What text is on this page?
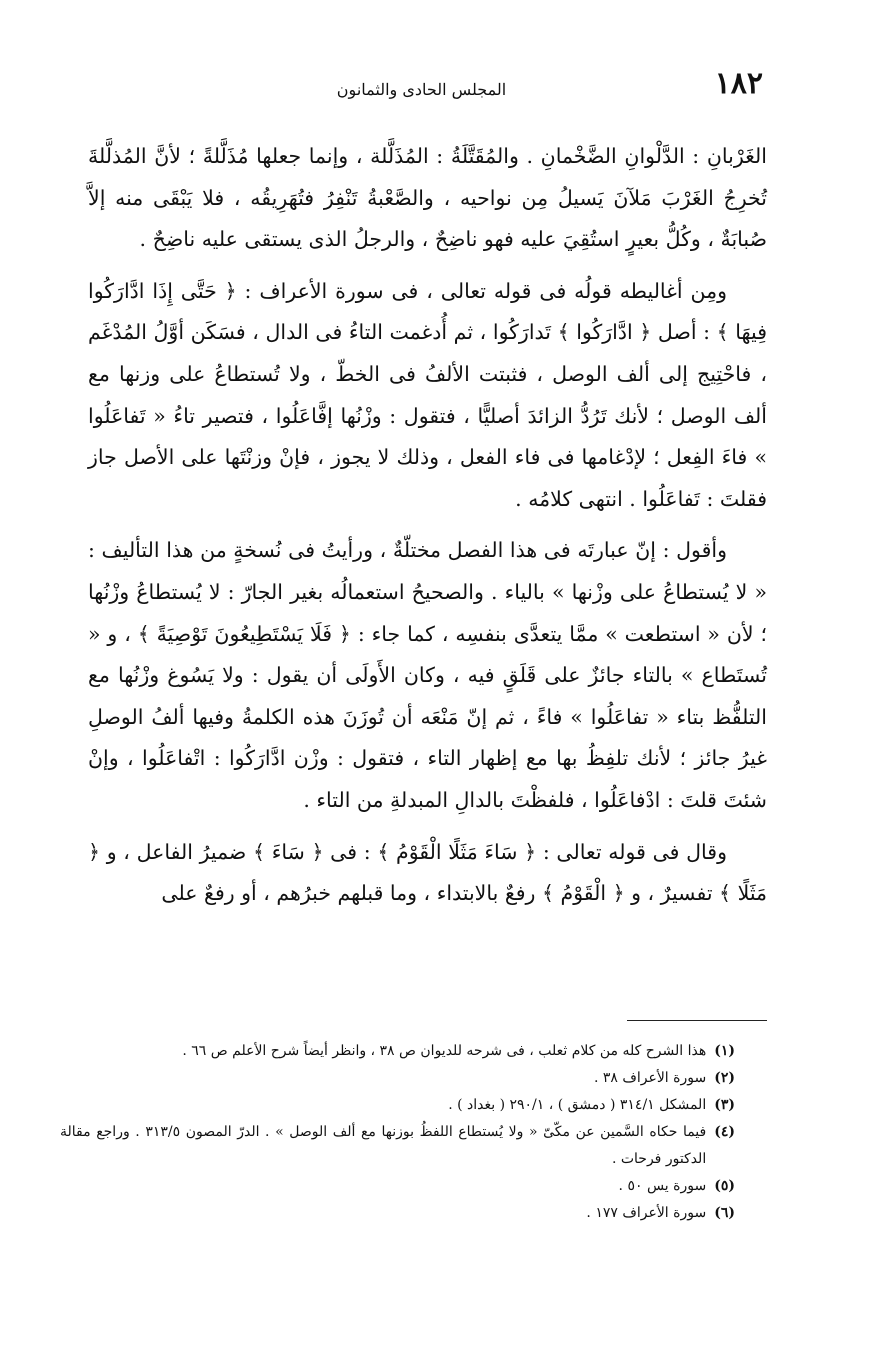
١٨٢
المجلس الحادى والثمانون

الغَرْبانِ : الدَّلْوانِ الضَّخْمانِ . والمُقَتَّلَةُ : المُذَلَّلة ، وإنما جعلها مُذَلَّلةً ؛ لأنَّ المُذلَّلةَ تُخرِجُ الغَرْبَ مَلآنَ يَسيلُ مِن نواحيه ، والصَّعْبةُ تَنْفِرُ فتُهَرِيقُه ، فلا يَبْقَى منه إلاَّ صُبابَةٌ ، وكُلُّ بعيرٍ استُقِيَ عليه فهو ناضِحٌ ، والرجلُ الذى يستقى عليه ناضِحٌ .

ومِن أغاليطه قولُه فى قوله تعالى ، فى سورة الأعراف : ﴿ حَتَّى إِذَا ادَّارَكُوا فِيهَا ﴾ : أصل ﴿ ادَّارَكُوا ﴾ تَدارَكُوا ، ثم أُدغمت التاءُ فى الدال ، فسَكَن أوَّلُ المُدْغَم ، فاحْتِيج إلى ألف الوصل ، فثبتت الألفُ فى الخطّ ، ولا تُستطاعُ على وزنها مع ألف الوصل ؛ لأنك تَرُدُّ الزائدَ أصليًّا ، فتقول : وزْنُها إفَّاعَلُوا ، فتصير تاءُ « تَفاعَلُوا » فاءَ الفِعل ؛ لإدْغامها فى فاء الفعل ، وذلك لا يجوز ، فإنْ وزنْتَها على الأصل جاز فقلتَ : تَفاعَلُوا . انتهى كلامُه .

وأقول : إنّ عبارتَه فى هذا الفصل مختلّةٌ ، ورأيتُ فى نُسخةٍ من هذا التأليف : « لا يُستطاعُ على وزْنها » بالياء . والصحيحُ استعمالُه بغير الجارّ : لا يُستطاعُ وزْنُها ؛ لأن « استطعت » ممَّا يتعدَّى بنفسِه ، كما جاء : ﴿ فَلَا يَسْتَطِيعُونَ تَوْصِيَةً ﴾ ، و « تُستَطاع » بالتاء جائزٌ على قَلَقٍ فيه ، وكان الأَولَى أن يقول : ولا يَسُوغ وزْنُها مع التلفُّظ بتاء « تفاعَلُوا » فاءً ، ثم إنّ مَنْعَه أن تُوزَنَ هذه الكلمةُ وفيها ألفُ الوصلِ غيرُ جائز ؛ لأنك تلفِظُ بها مع إظهار التاء ، فتقول : وزْن ادَّارَكُوا : اتْفاعَلُوا ، وإنْ شئتَ قلتَ : ادْفاعَلُوا ، فلفظْتَ بالدالِ المبدلةِ من التاء .

وقال فى قوله تعالى : ﴿ سَاءَ مَثَلًا الْقَوْمُ ﴾ : فى ﴿ سَاءَ ﴾ ضميرُ الفاعل ، و ﴿ مَثَلًا ﴾ تفسيرٌ ، و ﴿ الْقَوْمُ ﴾ رفعٌ بالابتداء ، وما قبلهم خبرُهم ، أو رفعٌ على

(١)
هذا الشرح كله من كلام ثعلب ، فى شرحه للديوان ص ٣٨ ، وانظر أيضاً شرح الأعلم ص ٦٦ .
(٢)
سورة الأعراف ٣٨ .
(٣)
المشكل ٣١٤/١ ( دمشق ) ، ٢٩٠/١ ( بغداد ) .
(٤)
فيما حكاه السَّمين عن مكّىّ « ولا يُستطاع اللفظُ بوزنها مع ألف الوصل » . الدرّ المصون ٣١٣/٥ . وراجع مقالة الدكتور فرحات .
(٥)
سورة يس ٥٠ .
(٦)
سورة الأعراف ١٧٧ .
